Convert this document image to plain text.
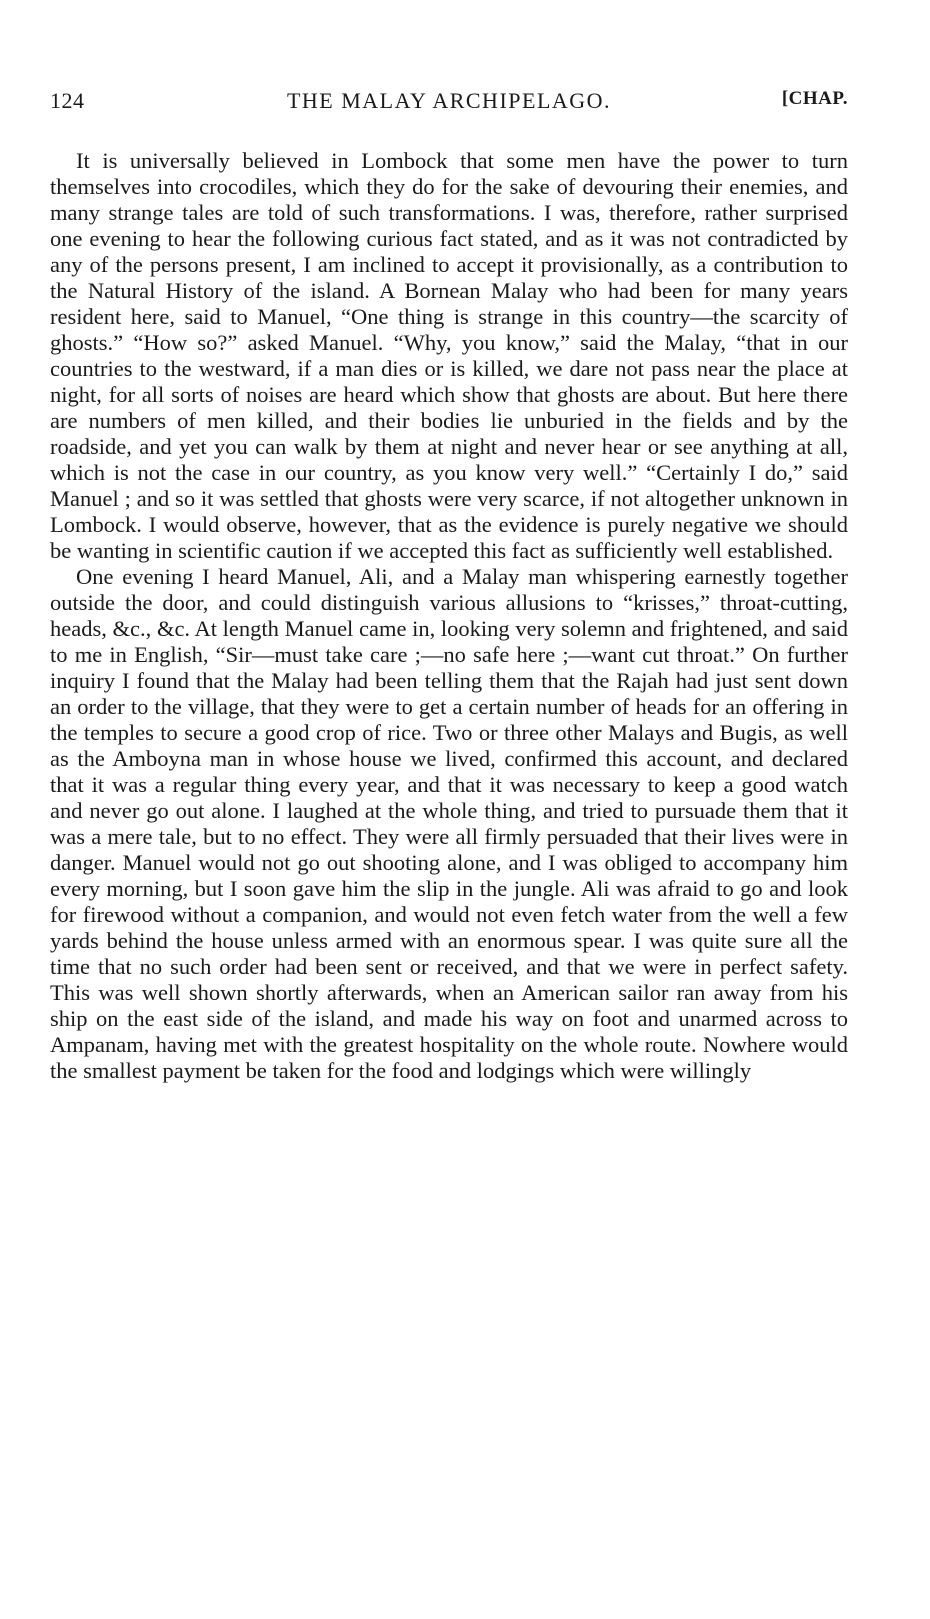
124	THE MALAY ARCHIPELAGO.	[CHAP.

It is universally believed in Lombock that some men have the power to turn themselves into crocodiles, which they do for the sake of devouring their enemies, and many strange tales are told of such transformations. I was, therefore, rather surprised one evening to hear the following curious fact stated, and as it was not contradicted by any of the persons present, I am inclined to accept it provisionally, as a contribution to the Natural History of the island. A Bornean Malay who had been for many years resident here, said to Manuel, “One thing is strange in this country—the scarcity of ghosts.” “How so?” asked Manuel. “Why, you know,” said the Malay, “that in our countries to the westward, if a man dies or is killed, we dare not pass near the place at night, for all sorts of noises are heard which show that ghosts are about. But here there are numbers of men killed, and their bodies lie unburied in the fields and by the roadside, and yet you can walk by them at night and never hear or see anything at all, which is not the case in our country, as you know very well.” “Certainly I do,” said Manuel ; and so it was settled that ghosts were very scarce, if not altogether unknown in Lombock. I would observe, however, that as the evidence is purely negative we should be wanting in scientific caution if we accepted this fact as sufficiently well established.

One evening I heard Manuel, Ali, and a Malay man whispering earnestly together outside the door, and could distinguish various allusions to “krisses,” throat-cutting, heads, &c., &c. At length Manuel came in, looking very solemn and frightened, and said to me in English, “Sir—must take care ;—no safe here ;—want cut throat.” On further inquiry I found that the Malay had been telling them that the Rajah had just sent down an order to the village, that they were to get a certain number of heads for an offering in the temples to secure a good crop of rice. Two or three other Malays and Bugis, as well as the Amboyna man in whose house we lived, confirmed this account, and declared that it was a regular thing every year, and that it was necessary to keep a good watch and never go out alone. I laughed at the whole thing, and tried to pursuade them that it was a mere tale, but to no effect. They were all firmly persuaded that their lives were in danger. Manuel would not go out shooting alone, and I was obliged to accompany him every morning, but I soon gave him the slip in the jungle. Ali was afraid to go and look for firewood without a companion, and would not even fetch water from the well a few yards behind the house unless armed with an enormous spear. I was quite sure all the time that no such order had been sent or received, and that we were in perfect safety. This was well shown shortly afterwards, when an American sailor ran away from his ship on the east side of the island, and made his way on foot and unarmed across to Ampanam, having met with the greatest hospitality on the whole route. Nowhere would the smallest payment be taken for the food and lodgings which were willingly
